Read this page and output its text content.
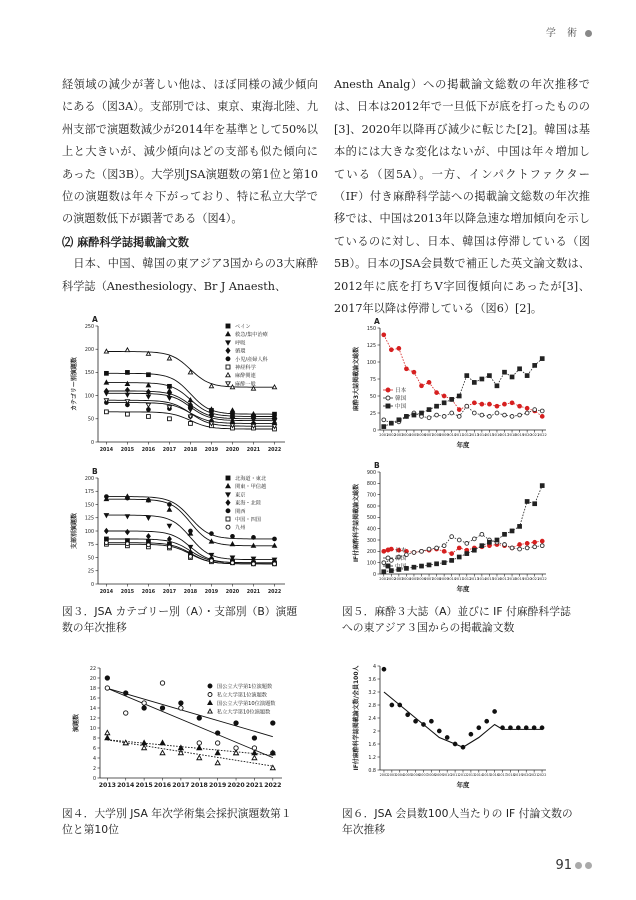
学 術

経領域の減少が著しい他は、ほぼ同様の減少傾向にある（図3A）。支部別では、東京、東海北陸、九州支部で演題数減少が2014年を基準として50%以上と大きいが、減少傾向はどの支部も似た傾向にあった（図3B）。大学別JSA演題数の第1位と第10位の演題数は年々下がっており、特に私立大学での演題数低下が顕著である（図4）。

⑵ 麻酔科学誌掲載論文数

日本、中国、韓国の東アジア3国からの3大麻酔科学誌（Anesthesiology、Br J Anaesth、

Anesth Analg）への掲載論文総数の年次推移では、日本は2012年で一旦低下が底を打ったものの[3]、2020年以降再び減少に転じた[2]。韓国は基本的には大きな変化はないが、中国は年々増加している（図5A）。一方、インパクトファクター（IF）付き麻酔科学誌への掲載論文総数の年次推移では、中国は2013年以降急速な増加傾向を示しているのに対し、日本、韓国は停滞している（図5B）。日本のJSA会員数で補正した英文論文数は、2012年に底を打ちV字回復傾向にあったが[3]、2017年以降は停滞している（図6）[2]。

A
0
50
100
150
200
250
2014 2015 2016 2017 2018 2019 2020 2021 2022
カテゴリー別演題数
ペイン
救急/集中治療
呼吸
循環
小児/産婦人科
神経科学
麻酔関連
麻酔一般
B
0
25
50
75
100
125
150
175
200
2014 2015 2016 2017 2018 2019 2020 2021 2022
支部別演題数
北海道・東北
関東・甲信越
東京
東海・北陸
関西
中国・四国
九州
A
0
25
50
75
100
125
150
2001
2002
2003
2004
2005
2006
2007
2008
2009
2010
2011
2012
2013
2014
2015
2016
2017
2018
2019
2020
2021
2022
麻酔3大誌掲載論文総数
年度
日本
韓国
中国
B
0
100
200
300
400
500
600
700
800
900
2001
2002
2003
2004
2005
2006
2007
2008
2009
2010
2011
2012
2013
2014
2015
2016
2017
2018
2019
2020
2021
2022
IF付麻酔科学誌掲載論文総数
年度
日本
韓国
中国
0
2
4
6
8
10
12
14
16
18
20
22
2013 2014 2015 2016 2017 2018 2019 2020 2021 2022
演題数
国公立大学第1位演題数
私立大学第1位演題数
国公立大学第10位演題数
私立大学第10位演題数
0.8
1.2
1.6
2
2.4
2.8
3.2
3.6
4
2002 2003 2004 2005 2006 2007 2008 2009 2010 2011 2012 2013 2014 2015 2016 2017 2018 2019 2020 2021 2022
IF付麻酔科学誌掲載論文数/会員100人
年度
図３．JSA カテゴリー別（A）・支部別（B）演題数の年次推移
図５．麻酔３大誌（A）並びに IF 付麻酔科学誌への東アジア３国からの掲載論文数
図４．大学別 JSA 年次学術集会採択演題数第１位と第10位
図６．JSA 会員数100人当たりの IF 付論文数の年次推移
91
